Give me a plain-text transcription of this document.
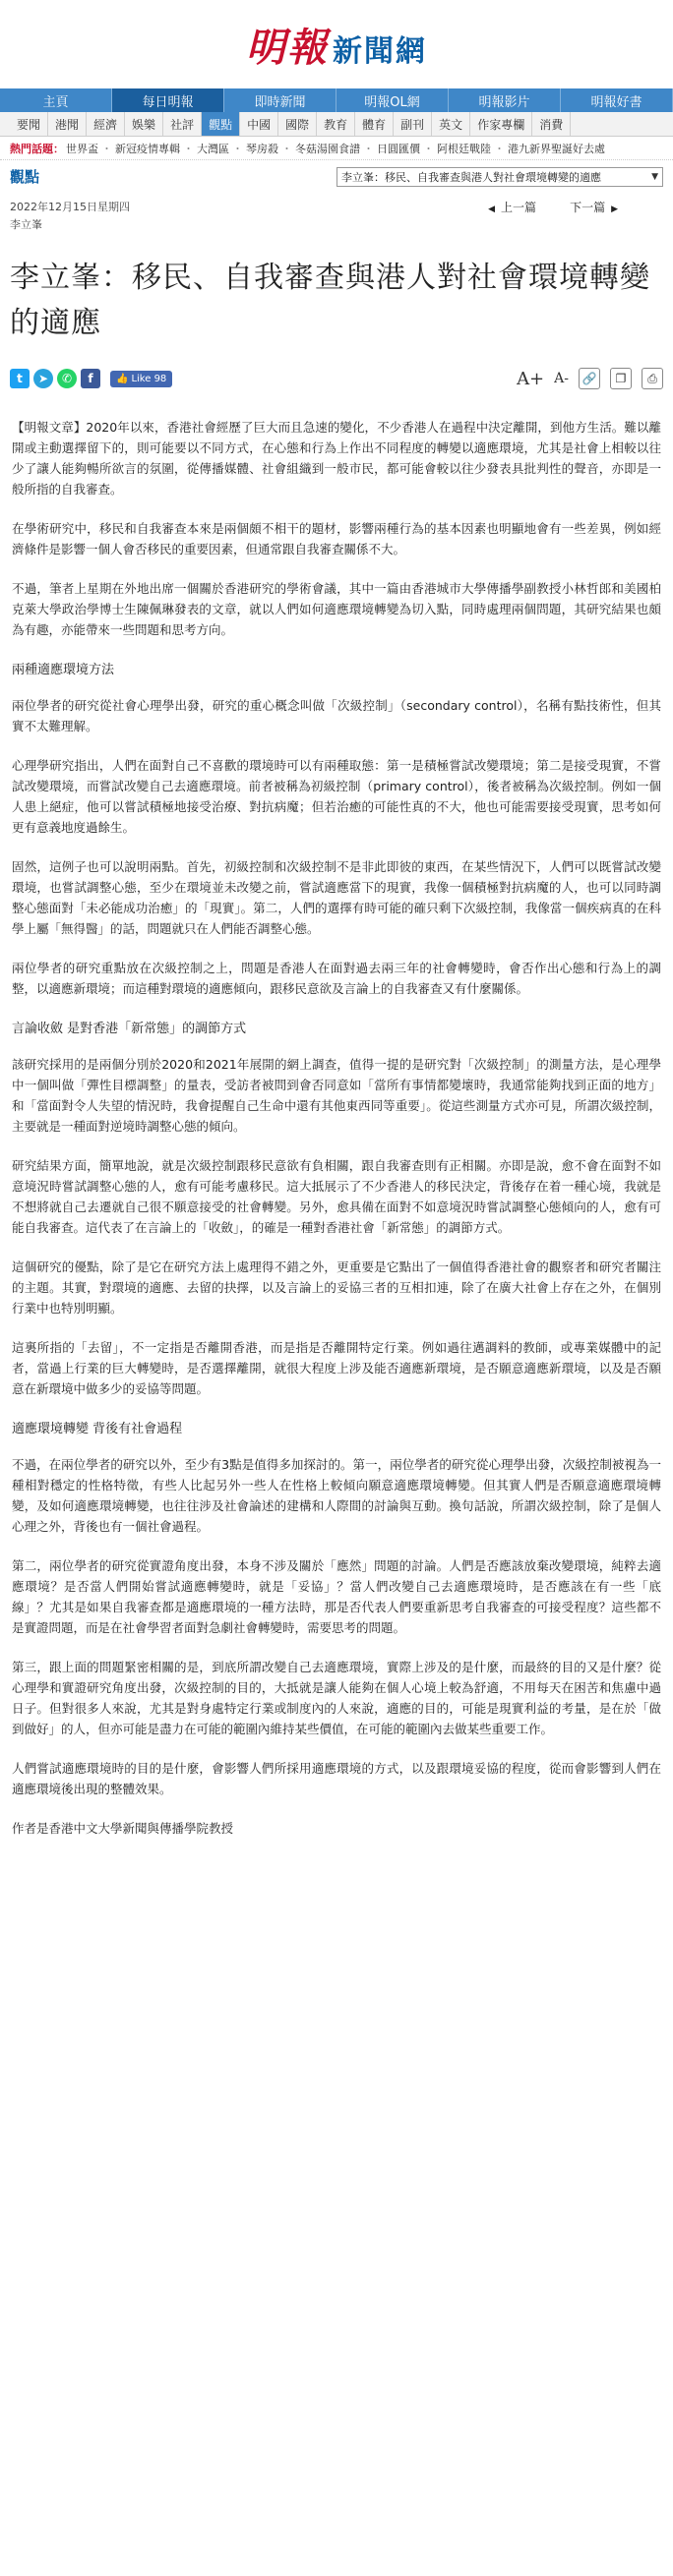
明報 新聞網
主頁	每日明報	即時新聞	明報OL網	明報影片	明報好書
要聞	港聞	經濟	娛樂	社評	觀點	中國	國際	教育	體育	副刊	英文	作家專欄	消費
熱門話題： 世界盃 ・ 新冠疫情專輯 ・ 大灣區 ・ 琴房殺 ・ 冬菇湯園食譜 ・ 日圓匯價 ・ 阿根廷戰陸 ・ 港九新界聖誕好去處
觀點	李立峯：移民、自我審查與港人對社會環境轉變的適應	▼
2022年12月15日星期四
李立峯
◀ 上一篇	下一篇 ▶
李立峯：移民、自我審查與港人對社會環境轉變的適應
t	➤	✆	f	👍 Like 98	A+ A- 🔗	❐	⎙

【明報文章】2020年以來，香港社會經歷了巨大而且急速的變化，不少香港人在過程中決定離開，到他方生活。難以離開或主動選擇留下的，則可能要以不同方式，在心態和行為上作出不同程度的轉變以適應環境，尤其是社會上相較以往少了讓人能夠暢所欲言的氛圍，從傳播媒體、社會組織到一般市民，都可能會較以往少發表具批判性的聲音，亦即是一般所指的自我審查。

在學術研究中，移民和自我審查本來是兩個頗不相干的題材，影響兩種行為的基本因素也明顯地會有一些差異，例如經濟條件是影響一個人會否移民的重要因素，但通常跟自我審查關係不大。

不過，筆者上星期在外地出席一個關於香港研究的學術會議，其中一篇由香港城市大學傳播學副教授小林哲郎和美國柏克萊大學政治學博士生陳佩琳發表的文章，就以人們如何適應環境轉變為切入點，同時處理兩個問題，其研究結果也頗為有趣，亦能帶來一些問題和思考方向。

兩種適應環境方法

兩位學者的研究從社會心理學出發，研究的重心概念叫做「次級控制」（secondary control），名稱有點技術性，但其實不太難理解。

心理學研究指出，人們在面對自己不喜歡的環境時可以有兩種取態：第一是積極嘗試改變環境；第二是接受現實，不嘗試改變環境，而嘗試改變自己去適應環境。前者被稱為初級控制（primary control），後者被稱為次級控制。例如一個人患上絕症，他可以嘗試積極地接受治療、對抗病魔；但若治癒的可能性真的不大，他也可能需要接受現實，思考如何更有意義地度過餘生。

固然，這例子也可以說明兩點。首先，初級控制和次級控制不是非此即彼的東西，在某些情況下，人們可以既嘗試改變環境，也嘗試調整心態，至少在環境並未改變之前，嘗試適應當下的現實，我像一個積極對抗病魔的人，也可以同時調整心態面對「未必能成功治癒」的「現實」。第二，人們的選擇有時可能的確只剩下次級控制，我像當一個疾病真的在科學上屬「無得醫」的話，問題就只在人們能否調整心態。

兩位學者的研究重點放在次級控制之上，問題是香港人在面對過去兩三年的社會轉變時，會否作出心態和行為上的調整，以適應新環境；而這種對環境的適應傾向，跟移民意欲及言論上的自我審查又有什麼關係。

言論收斂 是對香港「新常態」的調節方式

該研究採用的是兩個分別於2020和2021年展開的網上調查，值得一提的是研究對「次級控制」的測量方法，是心理學中一個叫做「彈性目標調整」的量表，受訪者被問到會否同意如「當所有事情都變壞時，我通常能夠找到正面的地方」和「當面對令人失望的情況時，我會提醒自己生命中還有其他東西同等重要」。從這些測量方式亦可見，所謂次級控制，主要就是一種面對逆境時調整心態的傾向。

研究結果方面，簡單地說，就是次級控制跟移民意欲有負相關，跟自我審查則有正相關。亦即是說，愈不會在面對不如意境況時嘗試調整心態的人，愈有可能考慮移民。這大抵展示了不少香港人的移民決定，背後存在着一種心境，我就是不想將就自己去遷就自己很不願意接受的社會轉變。另外，愈具備在面對不如意境況時嘗試調整心態傾向的人，愈有可能自我審查。這代表了在言論上的「收斂」，的確是一種對香港社會「新常態」的調節方式。

這個研究的優點，除了是它在研究方法上處理得不錯之外，更重要是它點出了一個值得香港社會的觀察者和研究者關注的主題。其實，對環境的適應、去留的抉擇，以及言論上的妥協三者的互相扣連，除了在廣大社會上存在之外，在個別行業中也特別明顯。

這裏所指的「去留」，不一定指是否離開香港，而是指是否離開特定行業。例如過往邁調料的教師，或專業媒體中的記者，當過上行業的巨大轉變時，是否選擇離開，就很大程度上涉及能否適應新環境，是否願意適應新環境，以及是否願意在新環境中做多少的妥協等問題。

適應環境轉變 背後有社會過程

不過，在兩位學者的研究以外，至少有3點是值得多加探討的。第一，兩位學者的研究從心理學出發，次級控制被視為一種相對穩定的性格特徵，有些人比起另外一些人在性格上較傾向願意適應環境轉變。但其實人們是否願意適應環境轉變，及如何適應環境轉變，也往往涉及社會論述的建構和人際間的討論與互動。換句話說，所謂次級控制，除了是個人心理之外，背後也有一個社會過程。

第二，兩位學者的研究從實證角度出發，本身不涉及關於「應然」問題的討論。人們是否應該放棄改變環境，純粹去適應環境？是否當人們開始嘗試適應轉變時，就是「妥協」？當人們改變自己去適應環境時，是否應該在有一些「底線」？尤其是如果自我審查都是適應環境的一種方法時，那是否代表人們要重新思考自我審查的可接受程度？這些都不是實證問題，而是在社會學習者面對急劇社會轉變時，需要思考的問題。

第三，跟上面的問題緊密相關的是，到底所謂改變自己去適應環境，實際上涉及的是什麼，而最終的目的又是什麼？從心理學和實證研究角度出發，次級控制的目的，大抵就是讓人能夠在個人心境上較為舒適，不用每天在困苦和焦慮中過日子。但對很多人來說，尤其是對身處特定行業或制度內的人來說，適應的目的，可能是現實利益的考量，是在於「做到做好」的人，但亦可能是盡力在可能的範圍內維持某些價值，在可能的範圍內去做某些重要工作。

人們嘗試適應環境時的目的是什麼，會影響人們所採用適應環境的方式，以及跟環境妥協的程度，從而會影響到人們在適應環境後出現的整體效果。

作者是香港中文大學新聞與傳播學院教授
